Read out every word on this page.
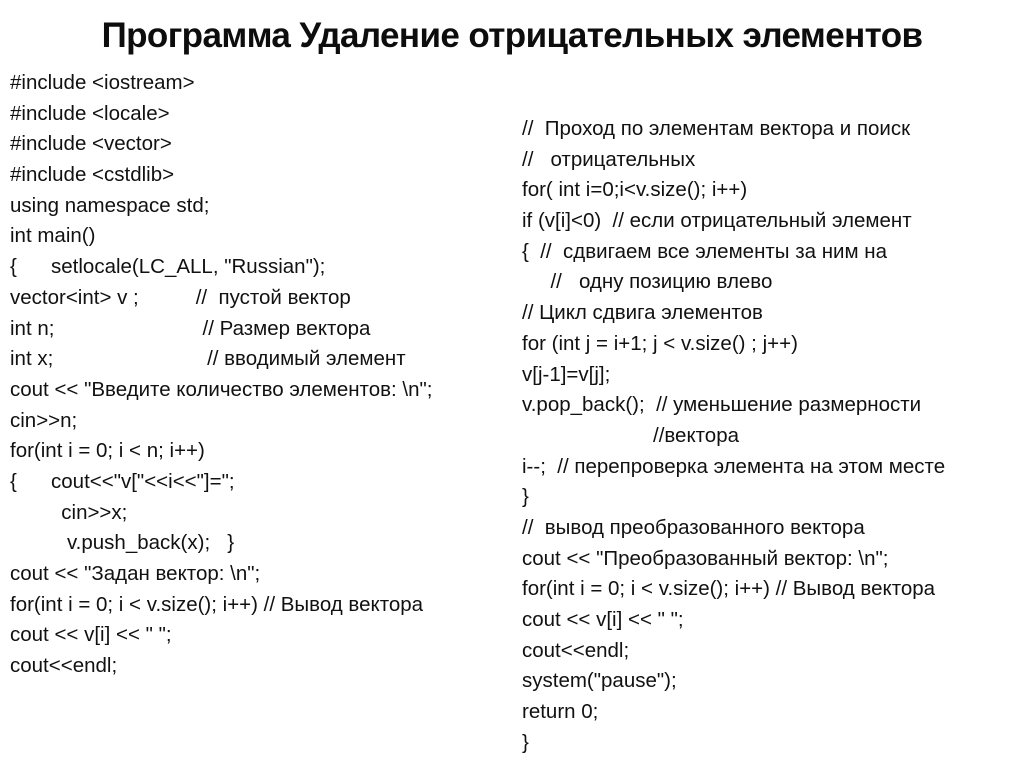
Программа Удаление отрицательных элементов
#include <iostream>
#include <locale>
#include <vector>
#include <cstdlib>
using namespace std;
int main()
{      setlocale(LC_ALL, "Russian");
vector<int> v ;          //  пустой вектор
int n;                          // Размер вектора
int x;                           // вводимый элемент
cout << "Введите количество элементов: \n";
cin>>n;
for(int i = 0; i < n; i++)
{      cout<<"v["<<i<<"]=";
cin>>x;
v.push_back(x);   }
cout << "Задан вектор: \n";
for(int i = 0; i < v.size(); i++) // Вывод вектора
cout << v[i] << " ";
cout<<endl;
//  Проход по элементам вектора и поиск
//   отрицательных
for( int i=0;i<v.size(); i++)
if (v[i]<0)  // если отрицательный элемент
{  //  сдвигаем все элементы за ним на
//   одну позицию влево
// Цикл сдвига элементов
for (int j = i+1; j < v.size() ; j++)
v[j-1]=v[j];
v.pop_back();  // уменьшение размерности
//вектора
i--;  // перепроверка элемента на этом месте
}
//  вывод преобразованного вектора
cout << "Преобразованный вектор: \n";
for(int i = 0; i < v.size(); i++) // Вывод вектора
cout << v[i] << " ";
cout<<endl;
system("pause");
return 0;
}
